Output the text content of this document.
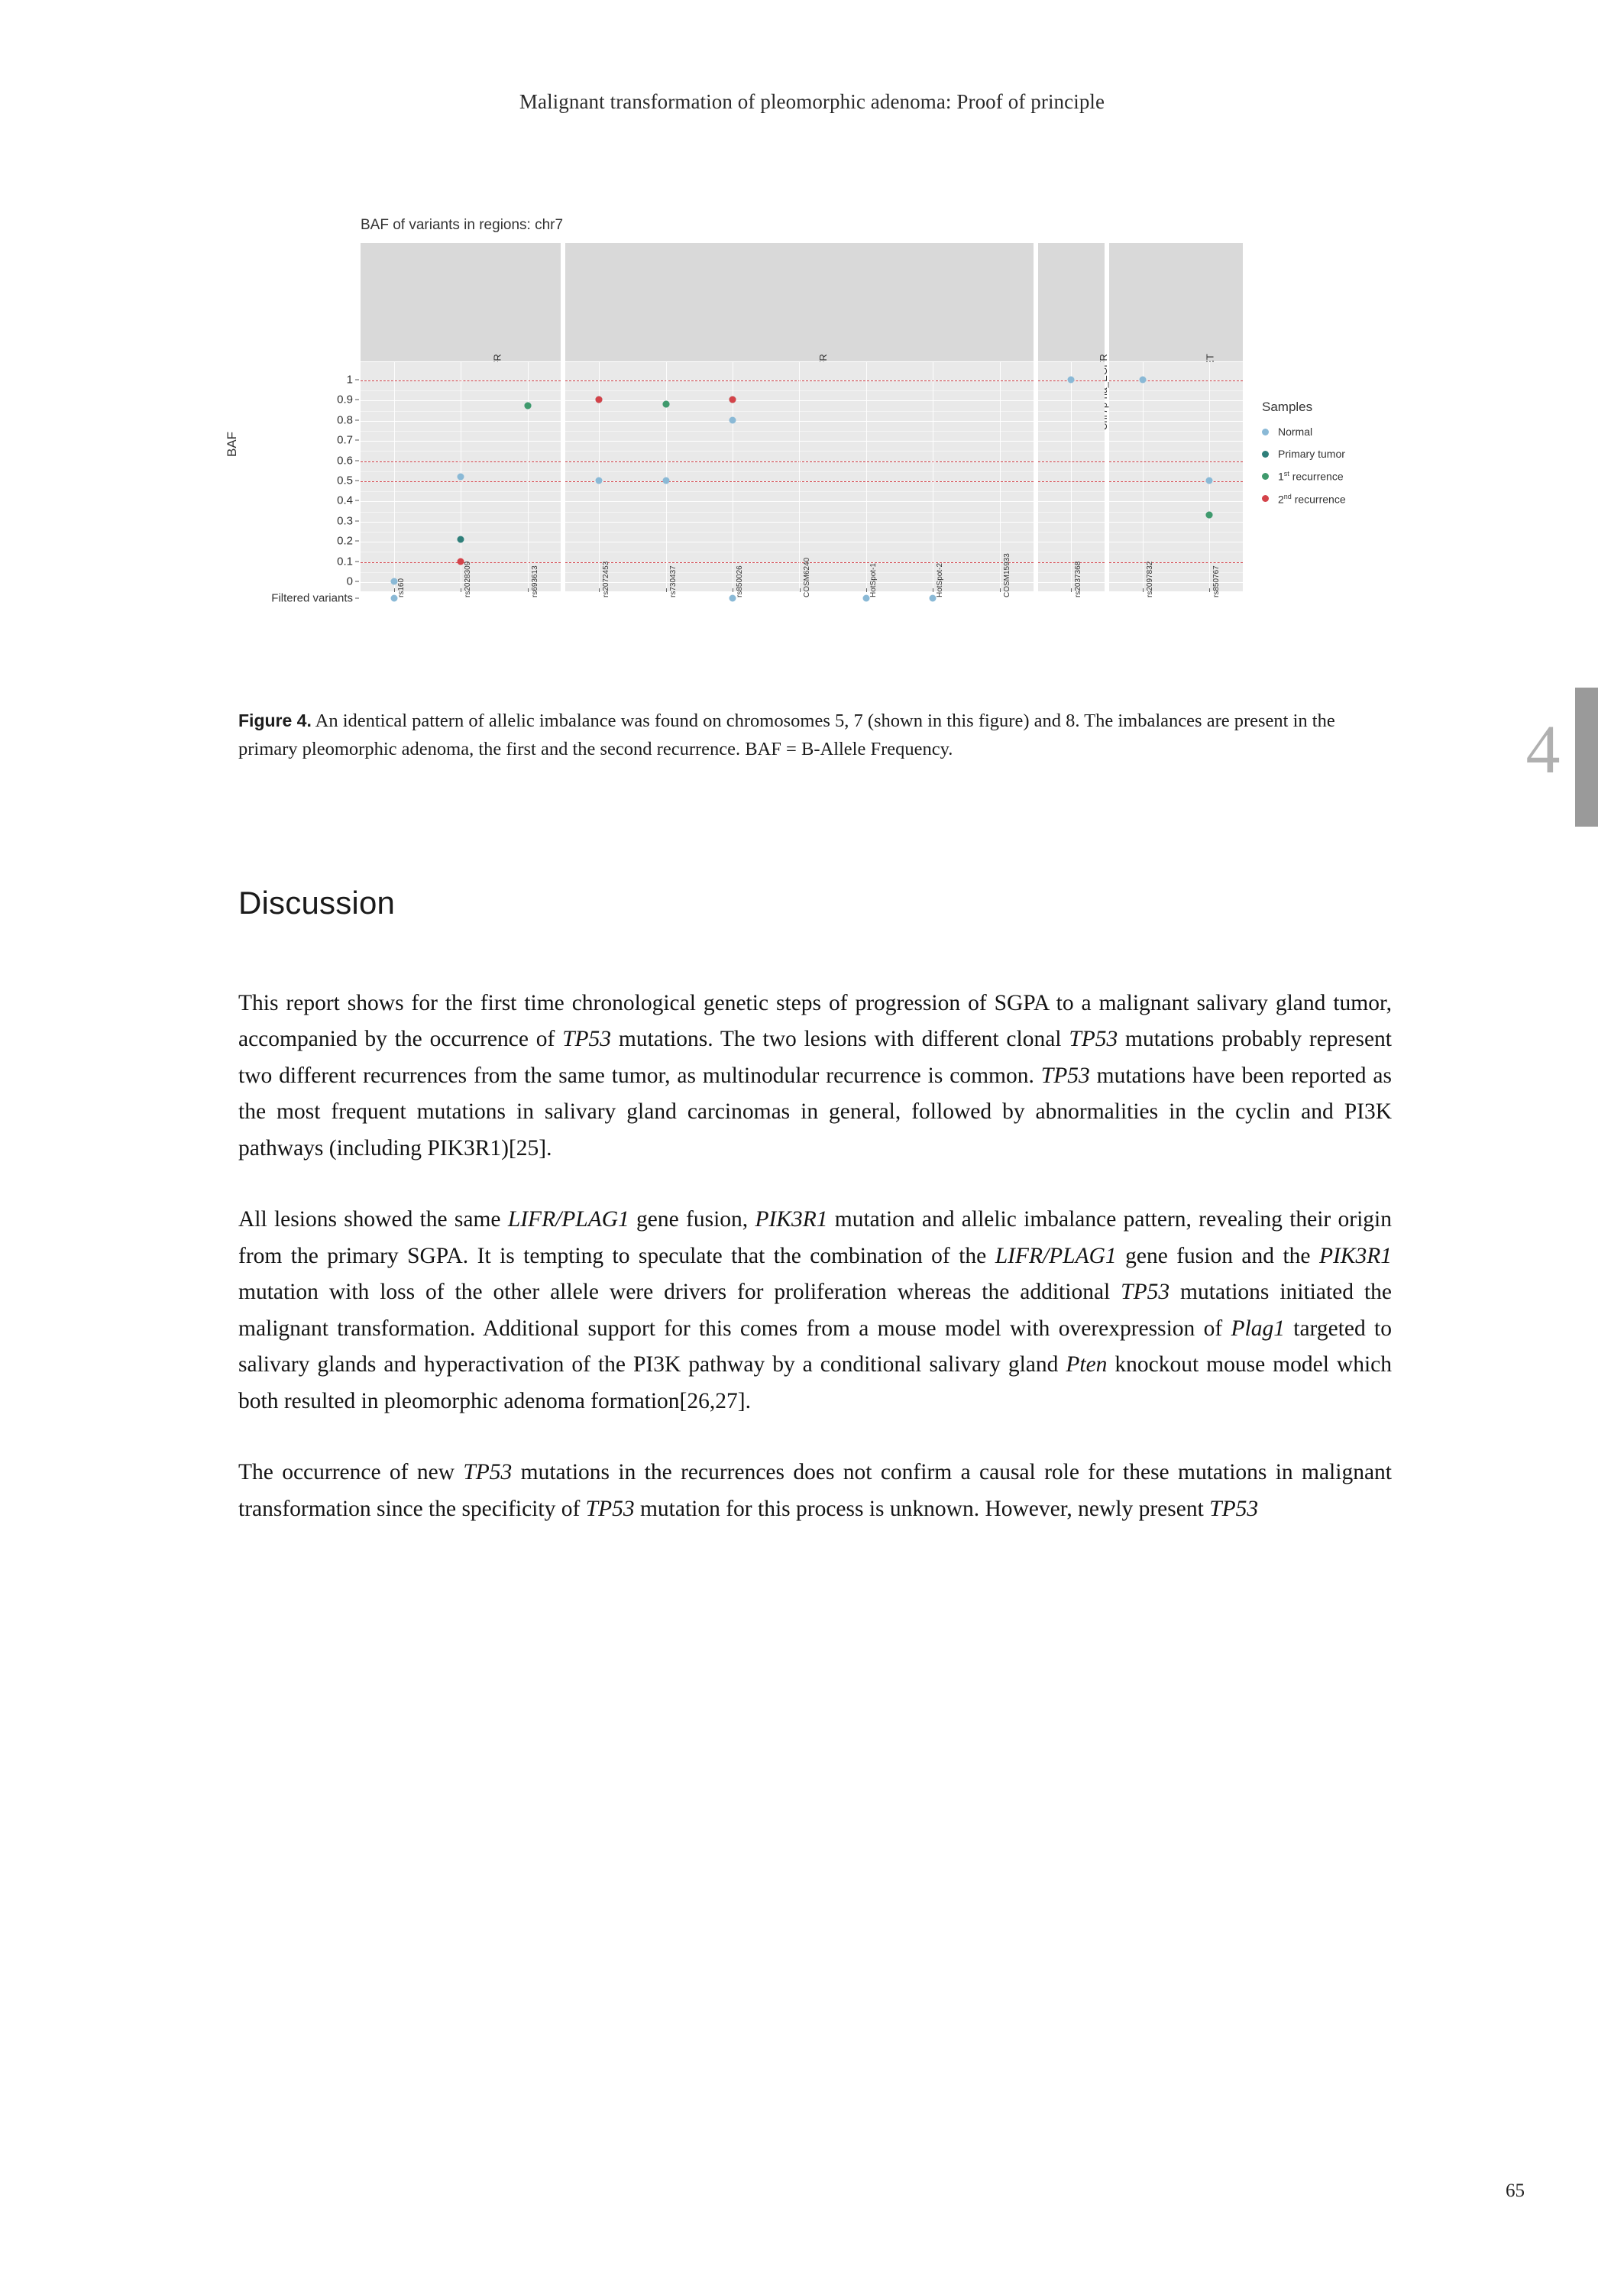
Malignant transformation of pleomorphic adenoma: Proof of principle
BAF of variants in regions: chr7
BAF
1
0.9
0.8
0.7
0.6
0.5
0.4
0.3
0.2
0.1
0
Filtered variants
rs160	rs2028309	rs693613	rs2072453	rs730437	rs850026	COSM6240	HotSpot-1	HotSpot-2	COSM15933	rs2037368	rs2097832	rs850767
Samples
Normal
Primary tumor
1st recurrence
2nd recurrence
Figure 4. An identical pattern of allelic imbalance was found on chromosomes 5, 7 (shown in this figure) and 8. The imbalances are present in the primary pleomorphic adenoma, the first and the second recurrence. BAF = B-Allele Frequency.	4
Discussion

This report shows for the first time chronological genetic steps of progression of SGPA to a malignant salivary gland tumor, accompanied by the occurrence of TP53 mutations. The two lesions with different clonal TP53 mutations probably represent two different recurrences from the same tumor, as multinodular recurrence is common. TP53 mutations have been reported as the most frequent mutations in salivary gland carcinomas in general, followed by abnormalities in the cyclin and PI3K pathways (including PIK3R1)[25].

All lesions showed the same LIFR/PLAG1 gene fusion, PIK3R1 mutation and allelic imbalance pattern, revealing their origin from the primary SGPA. It is tempting to speculate that the combination of the LIFR/PLAG1 gene fusion and the PIK3R1 mutation with loss of the other allele were drivers for proliferation whereas the additional TP53 mutations initiated the malignant transformation. Additional support for this comes from a mouse model with overexpression of Plag1 targeted to salivary glands and hyperactivation of the PI3K pathway by a conditional salivary gland Pten knockout mouse model which both resulted in pleomorphic adenoma formation[26,27].

The occurrence of new TP53 mutations in the recurrences does not confirm a causal role for these mutations in malignant transformation since the specificity of TP53 mutation for this process is unknown. However, newly present TP53

65
